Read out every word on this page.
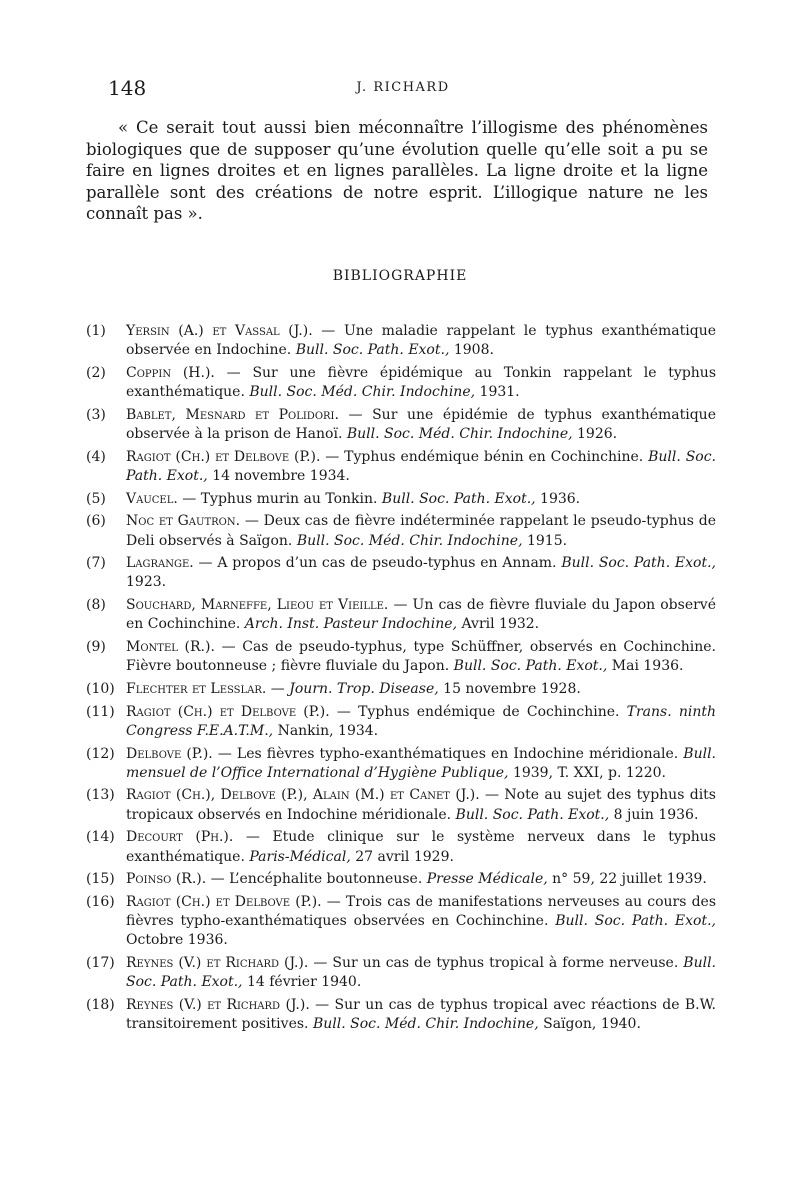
148	J. RICHARD

« Ce serait tout aussi bien méconnaître l’illogisme des phénomènes biologiques que de supposer qu’une évolution quelle qu’elle soit a pu se faire en lignes droites et en lignes parallèles. La ligne droite et la ligne parallèle sont des créations de notre esprit. L’illogique nature ne les connaît pas ».

BIBLIOGRAPHIE
(1) Yersin (A.) et Vassal (J.). — Une maladie rappelant le typhus exanthématique observée en Indochine. Bull. Soc. Path. Exot., 1908.
(2) Coppin (H.). — Sur une fièvre épidémique au Tonkin rappelant le typhus exanthématique. Bull. Soc. Méd. Chir. Indochine, 1931.
(3) Bablet, Mesnard et Polidori. — Sur une épidémie de typhus exanthématique observée à la prison de Hanoï. Bull. Soc. Méd. Chir. Indochine, 1926.
(4) Ragiot (Ch.) et Delbove (P.). — Typhus endémique bénin en Cochinchine. Bull. Soc. Path. Exot., 14 novembre 1934.
(5) Vaucel. — Typhus murin au Tonkin. Bull. Soc. Path. Exot., 1936.
(6) Noc et Gautron. — Deux cas de fièvre indéterminée rappelant le pseudo-typhus de Deli observés à Saïgon. Bull. Soc. Méd. Chir. Indochine, 1915.
(7) Lagrange. — A propos d’un cas de pseudo-typhus en Annam. Bull. Soc. Path. Exot., 1923.
(8) Souchard, Marneffe, Lieou et Vieille. — Un cas de fièvre fluviale du Japon observé en Cochinchine. Arch. Inst. Pasteur Indochine, Avril 1932.
(9) Montel (R.). — Cas de pseudo-typhus, type Schüffner, observés en Cochinchine. Fièvre boutonneuse ; fièvre fluviale du Japon. Bull. Soc. Path. Exot., Mai 1936.
(10) Flechter et Lesslar. — Journ. Trop. Disease, 15 novembre 1928.
(11) Ragiot (Ch.) et Delbove (P.). — Typhus endémique de Cochinchine. Trans. ninth Congress F.E.A.T.M., Nankin, 1934.
(12) Delbove (P.). — Les fièvres typho-exanthématiques en Indochine méridionale. Bull. mensuel de l’Office International d’Hygiène Publique, 1939, T. XXI, p. 1220.
(13) Ragiot (Ch.), Delbove (P.), Alain (M.) et Canet (J.). — Note au sujet des typhus dits tropicaux observés en Indochine méridionale. Bull. Soc. Path. Exot., 8 juin 1936.
(14) Decourt (Ph.). — Etude clinique sur le système nerveux dans le typhus exanthématique. Paris-Médical, 27 avril 1929.
(15) Poinso (R.). — L’encéphalite boutonneuse. Presse Médicale, n° 59, 22 juillet 1939.
(16) Ragiot (Ch.) et Delbove (P.). — Trois cas de manifestations nerveuses au cours des fièvres typho-exanthématiques observées en Cochinchine. Bull. Soc. Path. Exot., Octobre 1936.
(17) Reynes (V.) et Richard (J.). — Sur un cas de typhus tropical à forme nerveuse. Bull. Soc. Path. Exot., 14 février 1940.
(18) Reynes (V.) et Richard (J.). — Sur un cas de typhus tropical avec réactions de B.W. transitoirement positives. Bull. Soc. Méd. Chir. Indochine, Saïgon, 1940.
